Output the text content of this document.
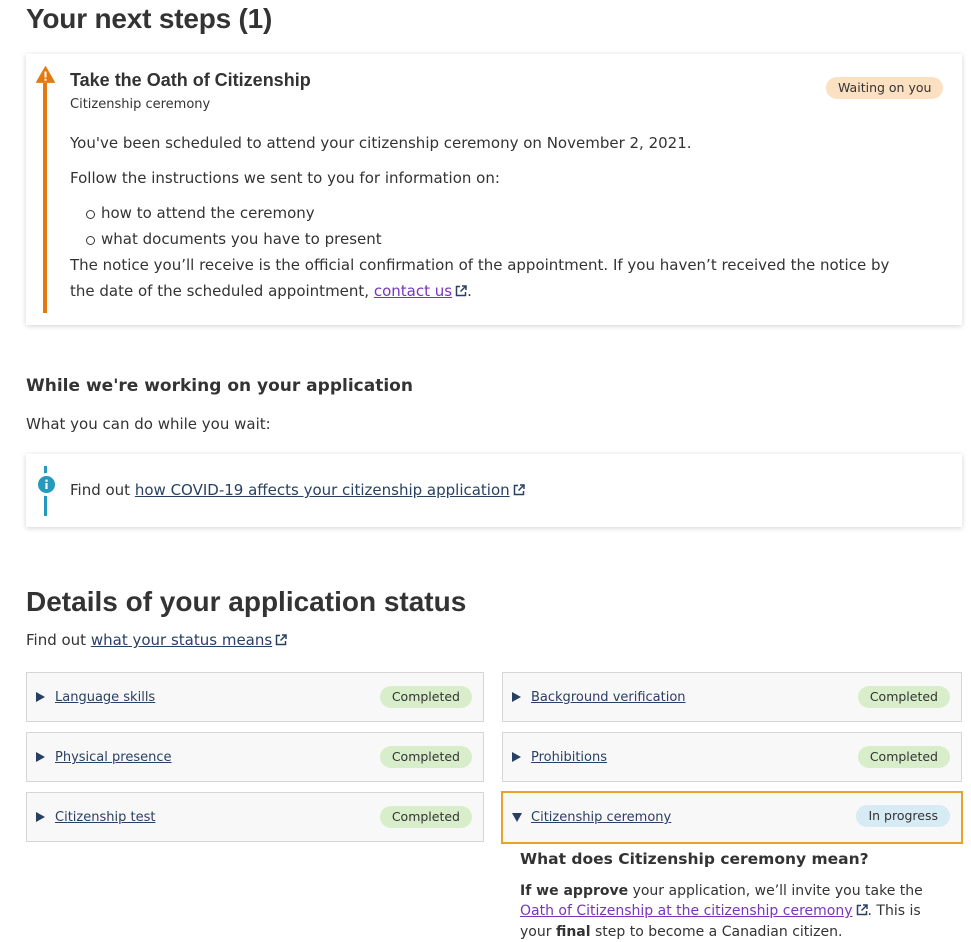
Your next steps (1)
Take the Oath of Citizenship
Citizenship ceremony
Waiting on you

You've been scheduled to attend your citizenship ceremony on November 2, 2021.

Follow the instructions we sent to you for information on:

how to attend the ceremony

what documents you have to present

The notice you’ll receive is the official confirmation of the appointment. If you haven’t received the notice by

the date of the scheduled appointment, contact us .

While we're working on your application
What you can do while you wait:
Find out how COVID-19 affects your citizenship application
Details of your application status
Find out what your status means
Language skills	Completed	Background verification	Completed
Physical presence	Completed	Prohibitions	Completed
Citizenship test	Completed	Citizenship ceremony	In progress
What does Citizenship ceremony mean?
If we approve your application, we’ll invite you take the Oath of Citizenship at the citizenship ceremony . This is your final step to become a Canadian citizen.
